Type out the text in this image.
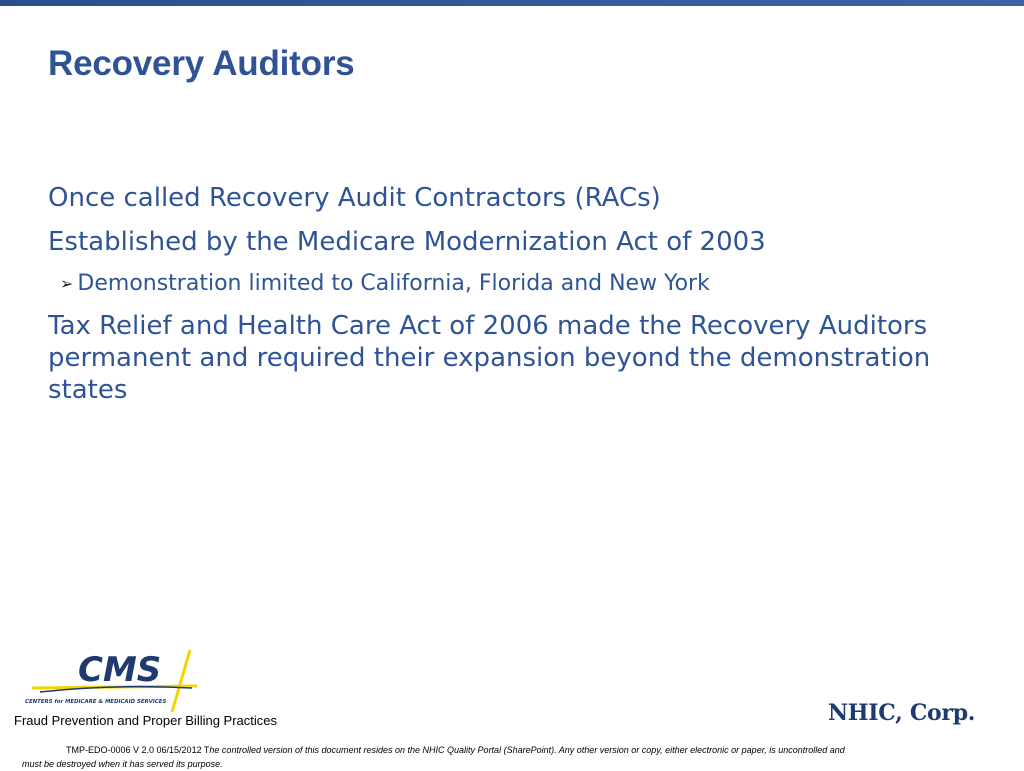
Recovery Auditors
Once called Recovery Audit Contractors (RACs)
Established by the Medicare Modernization Act of 2003
➢ Demonstration limited to California, Florida and New York
Tax Relief and Health Care Act of 2006 made the Recovery Auditors permanent and required their expansion beyond the demonstration states
CMS
CENTERS for MEDICARE & MEDICAID SERVICES
Fraud Prevention and Proper Billing Practices	NHIC, Corp.
TMP-EDO-0006 V 2.0 06/15/2012 The controlled version of this document resides on the NHIC Quality Portal (SharePoint). Any other version or copy, either electronic or paper, is uncontrolled and
must be destroyed when it has served its purpose.
